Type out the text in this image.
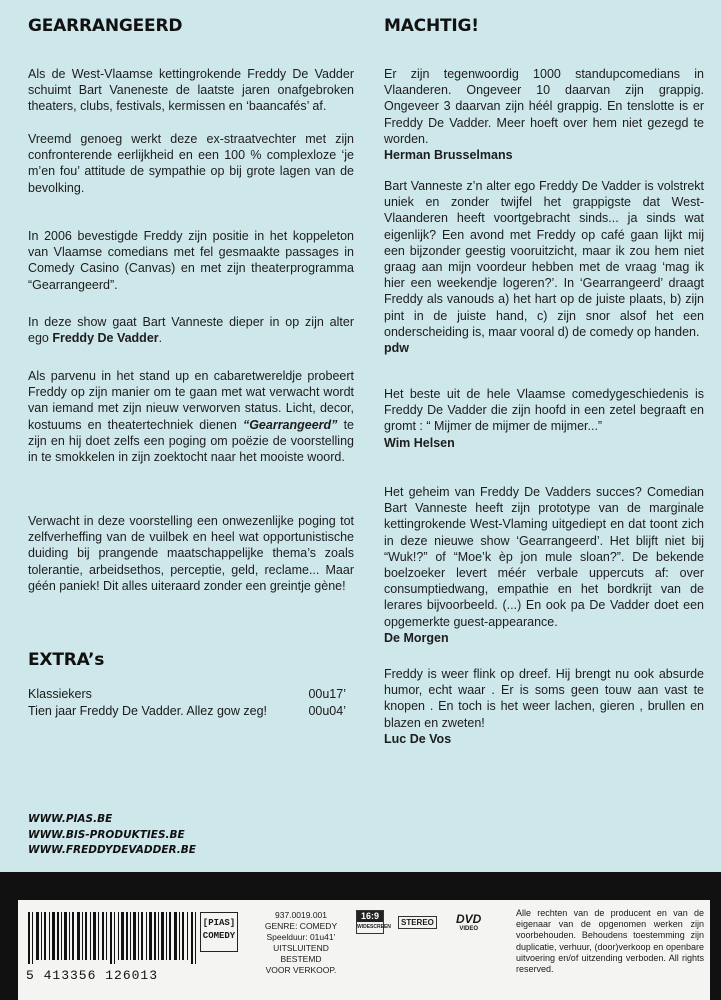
GEARRANGEERD

Als de West-Vlaamse kettingrokende Freddy De Vadder schuimt Bart Vaneneste de laatste jaren onafgebroken theaters, clubs, festivals, kermissen en ‘baancafés’ af.

Vreemd genoeg werkt deze ex-straatvechter met zijn confronterende eerlijkheid en een 100 % complexloze ‘je m’en fou’ attitude de sympathie op bij grote lagen van de bevolking.

In 2006 bevestigde Freddy zijn positie in het koppeleton van Vlaamse comedians met fel gesmaakte passages in Comedy Casino (Canvas) en met zijn theaterprogramma “Gearrangeerd”.

In deze show gaat Bart Vanneste dieper in op zijn alter ego Freddy De Vadder.

Als parvenu in het stand up en cabaretwereldje probeert Freddy op zijn manier om te gaan met wat verwacht wordt van iemand met zijn nieuw verworven status. Licht, decor, kostuums en theatertechniek dienen “Gearrangeerd” te zijn en hij doet zelfs een poging om poëzie de voorstelling in te smokkelen in zijn zoektocht naar het mooiste woord.

Verwacht in deze voorstelling een onwezenlijke poging tot zelfverheffing van de vuilbek en heel wat opportunistische duiding bij prangende maatschappelijke thema’s zoals tolerantie, arbeidsethos, perceptie, geld, reclame... Maar géén paniek! Dit alles uiteraard zonder een greintje gène!

EXTRA’s
Klassiekers	00u17’
Tien jaar Freddy De Vadder. Allez gow zeg!	00u04’
WWW.PIAS.BE
WWW.BIS-PRODUKTIES.BE
WWW.FREDDYDEVADDER.BE
MACHTIG!

Er zijn tegenwoordig 1000 standupcomedians in Vlaanderen. Ongeveer 10 daarvan zijn grappig. Ongeveer 3 daarvan zijn héél grappig. En tenslotte is er Freddy De Vadder. Meer hoeft over hem niet gezegd te worden.
Herman Brusselmans

Bart Vanneste z’n alter ego Freddy De Vadder is volstrekt uniek en zonder twijfel het grappigste dat West-Vlaanderen heeft voortgebracht sinds... ja sinds wat eigenlijk? Een avond met Freddy op café gaan lijkt mij een bijzonder geestig vooruitzicht, maar ik zou hem niet graag aan mijn voordeur hebben met de vraag ‘mag ik hier een weekendje logeren?’. In ‘Gearrangeerd’ draagt Freddy als vanouds a) het hart op de juiste plaats, b) zijn pint in de juiste hand, c) zijn snor alsof het een onderscheiding is, maar vooral d) de comedy op handen.
pdw

Het beste uit de hele Vlaamse comedygeschiedenis is Freddy De Vadder die zijn hoofd in een zetel begraaft en gromt : “ Mijmer de mijmer de mijmer...”
Wim Helsen

Het geheim van Freddy De Vadders succes? Comedian Bart Vanneste heeft zijn prototype van de marginale kettingrokende West-Vlaming uitgediept en dat toont zich in deze nieuwe show ‘Gearrangeerd’. Het blijft niet bij “Wuk!?” of “Moe’k èp jon mule sloan?”. De bekende boelzoeker levert méér verbale uppercuts af: over consumptiedwang, empathie en het bordkrijt van de lerares bijvoorbeeld. (...) En ook pa De Vadder doet een opgemerkte guest-appearance.
De Morgen

Freddy is weer flink op dreef. Hij brengt nu ook absurde humor, echt waar . Er is soms geen touw aan vast te knopen . En toch is het weer lachen, gieren , brullen en blazen en zweten!
Luc De Vos

5 413356 126013
[PIAS]
COMEDY
937.0019.001
GENRE: COMEDY
Speelduur: 01u41’
UITSLUITEND BESTEMD
VOOR VERKOOP.
16:9
WIDESCREEN	STEREO DVD
VIDEO
Alle rechten van de producent en van de eigenaar van de opgenomen werken zijn voorbehouden. Behoudens toestemming zijn duplicatie, verhuur, (door)verkoop en openbare uitvoering en/of uitzending verboden. All rights reserved.
